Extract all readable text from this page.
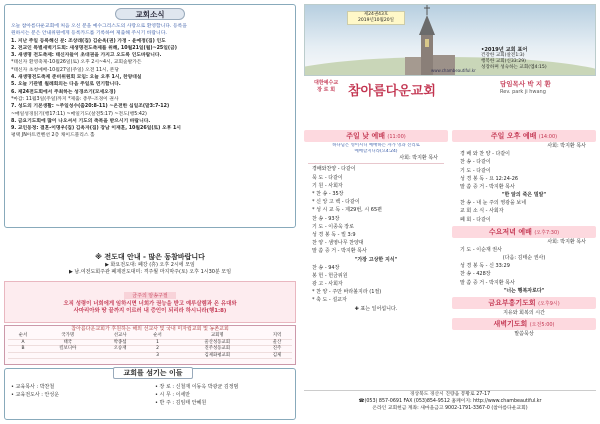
교회소식
오늘 참아름다운교회에 처음 오신 분을 예수그리스도의 사랑으로 환영합니다. 등록을
원하시는 분은 안내위원에게 등록카드를 기록하여 제출해 주시기 바랍니다.
1. 지난 주일 등록해신 분: 조상래(집) 김순옥(권) 가정 - 윤예정(집) 인도
2. 전교인 특별새벽기도회: 새생명전도축제를 위해, 10월21일(월)~25일(금)
3. 새생명 전도축제: 태신자들이 초대권을 가지고 오도록 인도바랍니다.
*태신자 환영축제-10월26일(토) 오후 2시~4시, 교회숲발가든
*태신자 초청예배-10월27일(주일) 오전 11시, 본당
4. 새생명전도축제 준비위원회 모임: 오늘 오후 1시, 찬양대실
5. 오늘 기관별 월례회의는 다음 주일로 연기합니다.
6. 제24전도회에서 주최하는 성경쓰기(모세오경)
*마감: 11월3일(주일)까지 *제출: 총무-조경이 권사
7. 성도의 기본생활: ~주일성수(출20:8-11) ~온전한 십일조(말3:7-12)
~매일성경읽기(행17:11) ~매일기도(살전5:17) ~전도(행5:42)
8. 금요기도회에 많이 나오셔서 기도의 축복을 받으시기 바랍니다.
9. 교인동정: 결혼-이명우(집) 김옥자(집) 장남 이재훈, 10월26일(토) 오후 1시
평택 JN아트컨벤션 2층 채이드블리스 홀
※ 전도대 안내 - 많은 동참바랍니다
▶ 화요전도대: 폐강 (휴) 오후 2시에 모임
▶ 남.여전도회주관 폐제전도대미: 격주월 마지막주(토) 오후 1시30분 모임
금주의 암송구절
오직 성령이 너희에게 임하시면 너희가 권능을 받고 예루살렘과 온 유대와
사마리아와 땅 끝까지 이르러 내 증인이 되리라 하시니라(행1:8)
참아름다운교회가 후원하는 해외 선교사 및 국내 미자립교회 및 농촌교회
순서	국가명	선교사	순서	교회명	지역
A	태국	박종섭	1	울산성동교회	울산
B	킬보디아	오승재	2	진주성동교회	진주
			3	김제화평교회	김제
교회를 섬기는 이들
• 교육목사 : 박찬철
• 교육전도사 : 안성운
• 장 로 : 신철재 이동옥 박광균 김정범
• 시 무 : 이세만
• 반 주 : 김임태 안혜원
제24권43호
2019년10월20일
•2019년 교회 표어
건강한 교회(살전1:3)
행복한 교회(신33:29)
성장하며 성숙하는 교회(엡4:15)
www.chambeautiful.kr
대한예수교
장 로 회 참아름다운교회	담임목사 박 지 환
Rev. park ji hwang
주일 낮 예배 (11:00)
하나님은 영이시니 예배하는 자가 영과 진리로
예배할지니라(요4:24)
사회: 박지환 목사
경배와찬양 - 다같이
묵 도 - 다같이
기 원 - 사회자
* 찬 송 - 35장
* 신 앙 고 백 - 다같이
* 성 시 교 독 - 제29번, 시 65편
찬 송 - 93장
기 도 - 이종욱 장로
성 경 봉 독 - 빌 3:9
찬 양 - 샘영나무 찬양대
말 씀 증 거 - 박지환 목사
"가장 고상한 지식"
찬 송 - 94장
봉 헌 - 헌금위원
광 고 - 사회자
* 찬 양 - 주만 바라볼지라 (1절)
* 축 도 - 설교자
✚ 표는 일어섭니다.
주일 오후 예배 (14:00)
사회: 박지환 목사
경 배 와 찬 양 - 다같이
찬 송 - 다같이
기 도 - 다같이
성 경 봉 독 - 요 12:24-26
말 씀 증 거 - 박지환 목사
"한 알의 죽은 밀알"
찬 송 - 내 눈 주의 영광을 보네
교 회 소 식 - 사회자
폐 회 - 다같이
수요저녁 예배 (오후7:30)
사회: 박지환 목사
기 도 - 이순재 권사
(다음: 김태순 권사)
성 경 봉 독 - 신 33:29
찬 송 - 428장
말 씀 증 거 - 박지환 목사
"너는 행복자로다"
금요부흥기도회 (오후9시)
지유와 회복의 시간
새벽기도회 (오전5:00)
말씀묵상
경상북도 경산시 진량읍 봉황로 27-17
☎(053) 857-0691 FAX (053)854-9512 홈페이지: http://www.chambeautiful.kr
온라인 교회헌금 계좌: 새마을금고 9002-1791-3367-0 (참아름다운교회)
